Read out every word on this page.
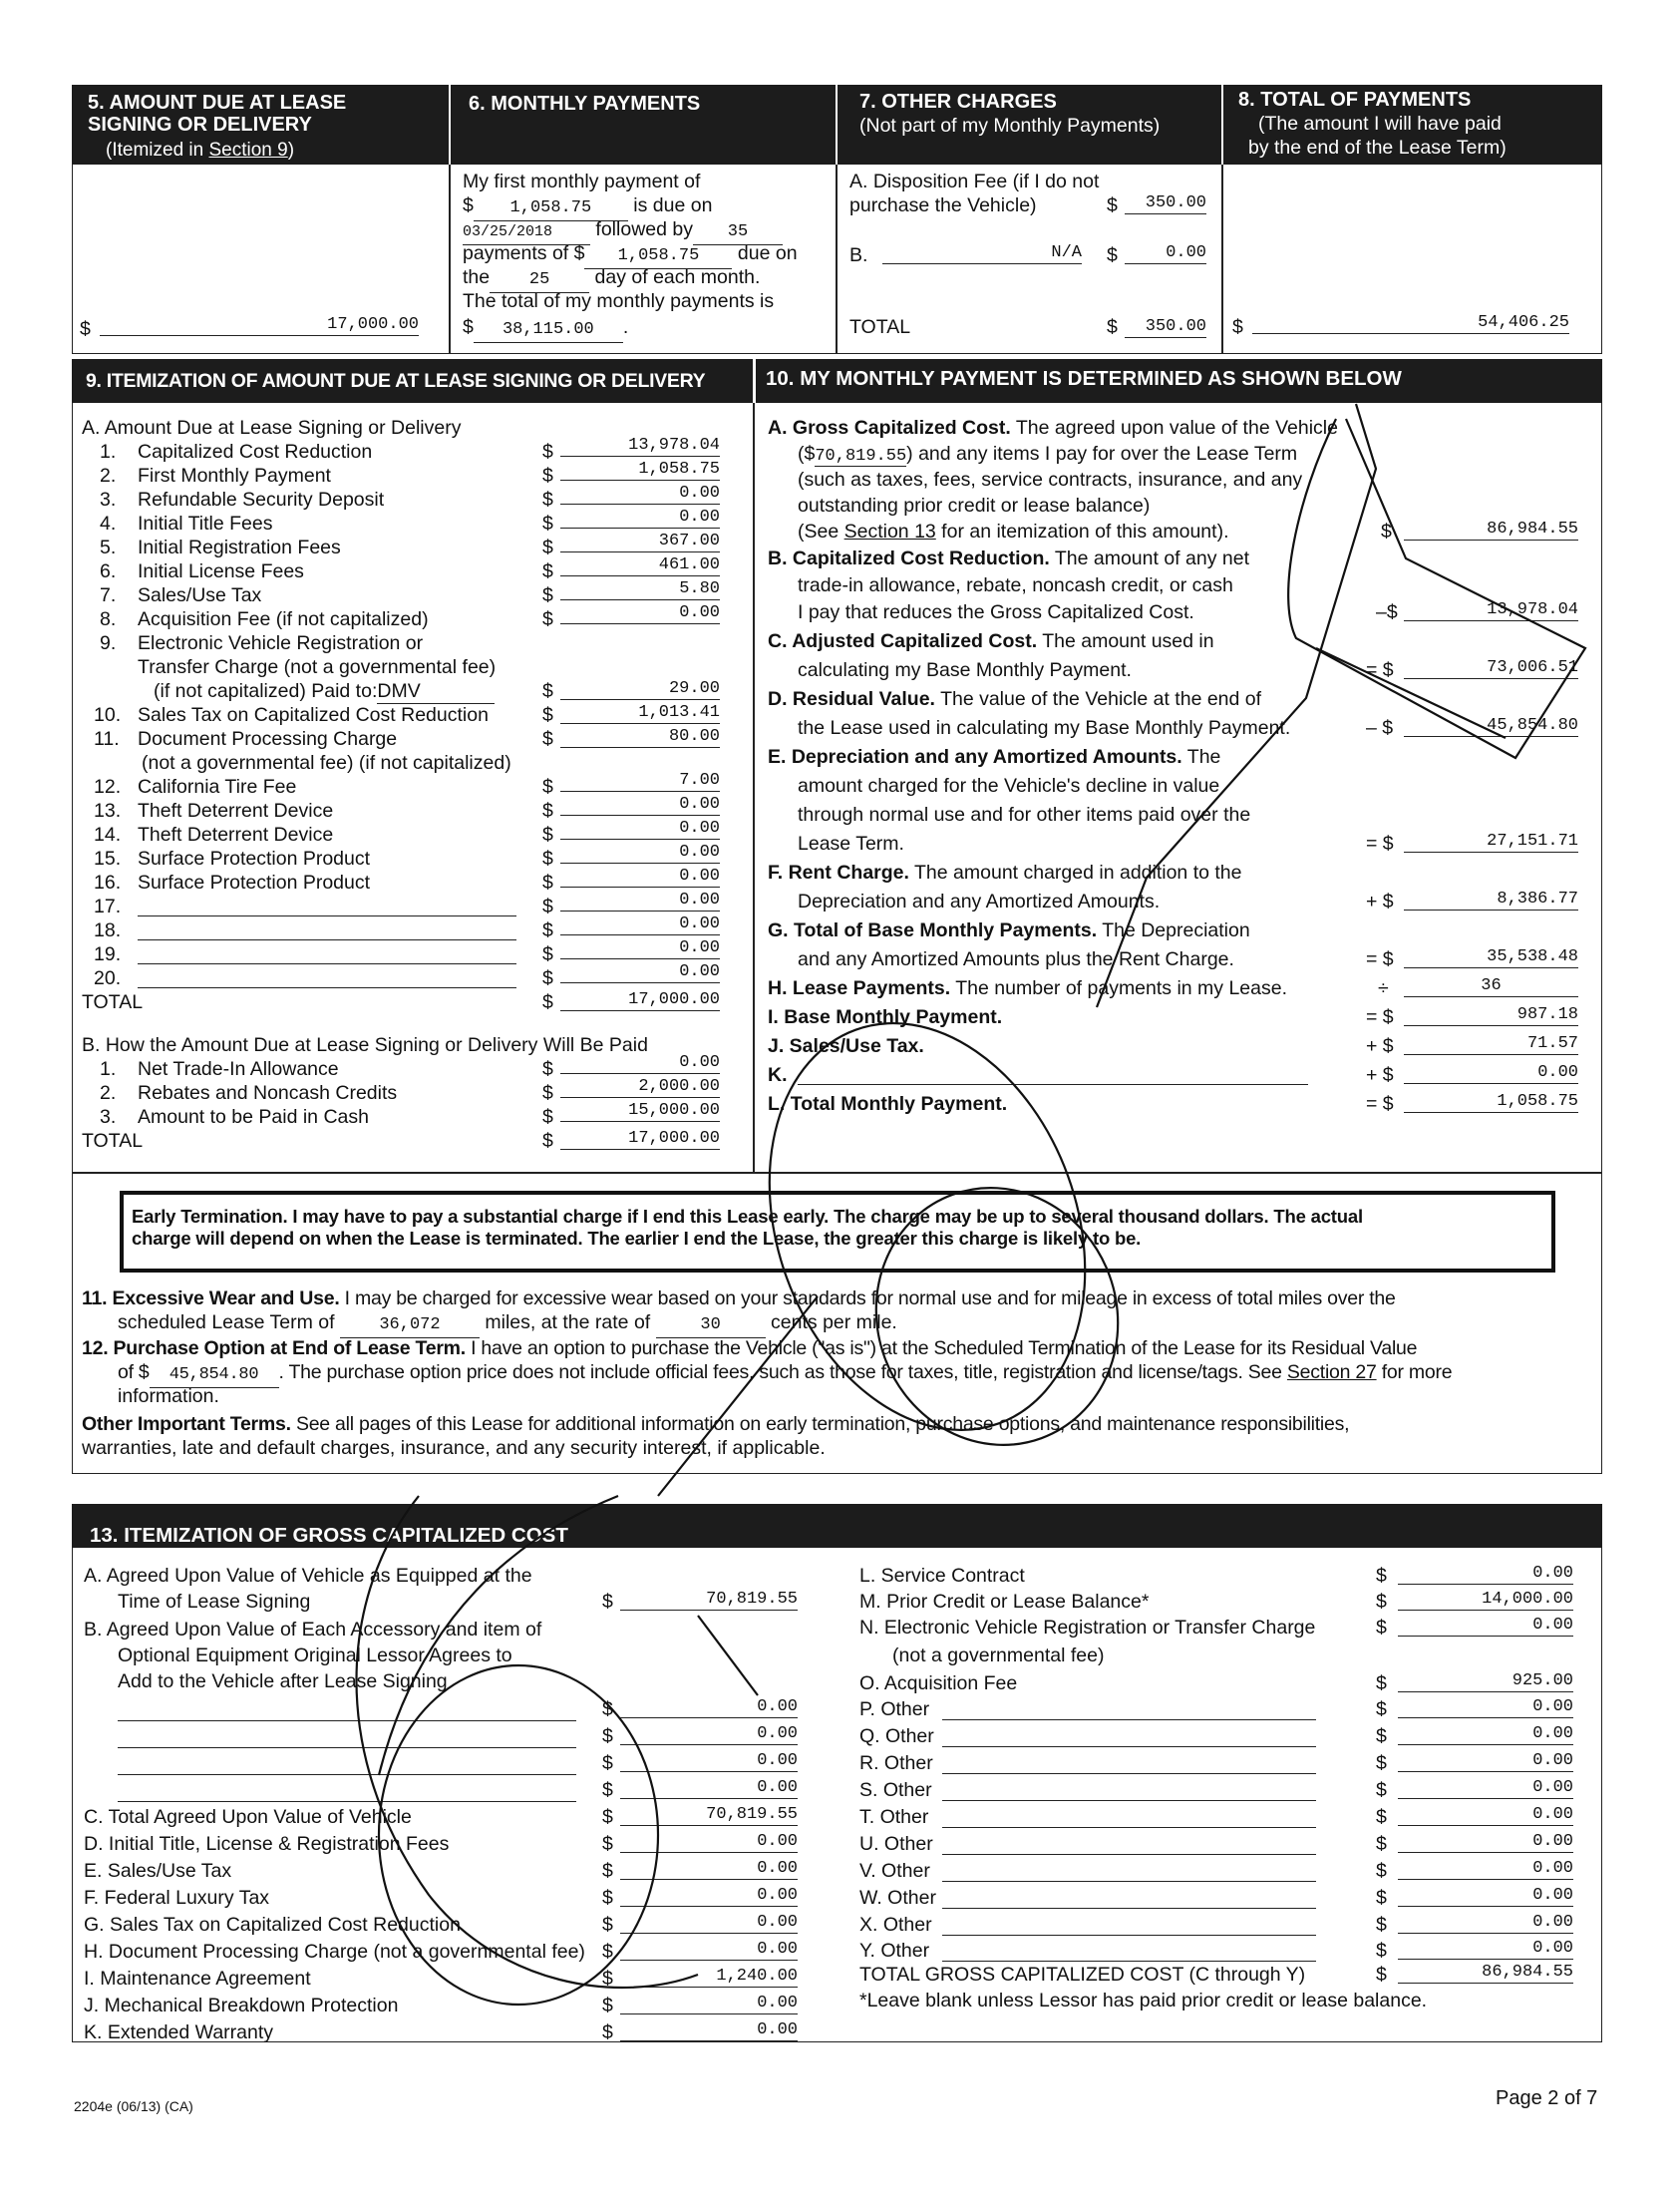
5. AMOUNT DUE AT LEASE
SIGNING OR DELIVERY
(Itemized in Section 9)
$	17,000.00
6. MONTHLY PAYMENTS
My first monthly payment of
$ 1,058.75 is due on
03/25/2018 followed by 35
payments of $ 1,058.75 due on
the 25 day of each month.
The total of my monthly payments is
$ 38,115.00 .
7. OTHER CHARGES
(Not part of my Monthly Payments)
A. Disposition Fee (if I do not
purchase the Vehicle)	$	350.00
B.	N/A $	0.00
TOTAL	$	350.00
8. TOTAL OF PAYMENTS
(The amount I will have paid
by the end of the Lease Term)
$	54,406.25
9. ITEMIZATION OF AMOUNT DUE AT LEASE SIGNING OR DELIVERY	10. MY MONTHLY PAYMENT IS DETERMINED AS SHOWN BELOW
A. Amount Due at Lease Signing or Delivery
1. Capitalized Cost Reduction	$	13,978.04
2. First Monthly Payment	$	1,058.75
3. Refundable Security Deposit	$	0.00
4. Initial Title Fees	$	0.00
5. Initial Registration Fees	$	367.00
6. Initial License Fees	$	461.00
7. Sales/Use Tax	$	5.80
8. Acquisition Fee (if not capitalized)	$	0.00
9. Electronic Vehicle Registration or
Transfer Charge (not a governmental fee)
(if not capitalized) Paid to:DMV	$	29.00
10. Sales Tax on Capitalized Cost Reduction	$	1,013.41
11. Document Processing Charge	$	80.00
(not a governmental fee) (if not capitalized)
12. California Tire Fee	$	7.00
13. Theft Deterrent Device	$	0.00
14. Theft Deterrent Device	$	0.00
15. Surface Protection Product	$	0.00
16. Surface Protection Product	$	0.00
17.	$	0.00
18.	$	0.00
19.	$	0.00
20.	$	0.00
TOTAL	$	17,000.00
B. How the Amount Due at Lease Signing or Delivery Will Be Paid
1. Net Trade-In Allowance	$	0.00
2. Rebates and Noncash Credits	$	2,000.00
3. Amount to be Paid in Cash	$	15,000.00
TOTAL	$	17,000.00
A. Gross Capitalized Cost. The agreed upon value of the Vehicle
($70,819.55) and any items I pay for over the Lease Term
(such as taxes, fees, service contracts, insurance, and any
outstanding prior credit or lease balance)
(See Section 13 for an itemization of this amount).	$	86,984.55
B. Capitalized Cost Reduction. The amount of any net
trade-in allowance, rebate, noncash credit, or cash
I pay that reduces the Gross Capitalized Cost.	–$	13,978.04
C. Adjusted Capitalized Cost. The amount used in
calculating my Base Monthly Payment.	= $	73,006.51
D. Residual Value. The value of the Vehicle at the end of
the Lease used in calculating my Base Monthly Payment.	– $	45,854.80
E. Depreciation and any Amortized Amounts. The
amount charged for the Vehicle's decline in value
through normal use and for other items paid over the
Lease Term.	= $	27,151.71
F. Rent Charge. The amount charged in addition to the
Depreciation and any Amortized Amounts.	+ $	8,386.77
G. Total of Base Monthly Payments. The Depreciation
and any Amortized Amounts plus the Rent Charge.	= $	35,538.48
H. Lease Payments. The number of payments in my Lease.	÷	36
I. Base Monthly Payment.	= $	987.18
J. Sales/Use Tax.	+ $	71.57
K.	+ $	0.00
L. Total Monthly Payment.	= $	1,058.75
Early Termination. I may have to pay a substantial charge if I end this Lease early. The charge may be up to several thousand dollars. The actual
charge will depend on when the Lease is terminated. The earlier I end the Lease, the greater this charge is likely to be.
11. Excessive Wear and Use. I may be charged for excessive wear based on your standards for normal use and for mileage in excess of total miles over the
scheduled Lease Term of	36,072 miles, at the rate of	30	cents per mile.
12. Purchase Option at End of Lease Term. I have an option to purchase the Vehicle ("as is") at the Scheduled Termination of the Lease for its Residual Value
of $ 45,854.80 . The purchase option price does not include official fees, such as those for taxes, title, registration and license/tags. See Section 27 for more
information.
Other Important Terms. See all pages of this Lease for additional information on early termination, purchase options, and maintenance responsibilities,
warranties, late and default charges, insurance, and any security interest, if applicable.
13. ITEMIZATION OF GROSS CAPITALIZED COST
A. Agreed Upon Value of Vehicle as Equipped at the
Time of Lease Signing	$	70,819.55
B. Agreed Upon Value of Each Accessory and item of
Optional Equipment Original Lessor Agrees to
Add to the Vehicle after Lease Signing
$	0.00
$	0.00
$	0.00
$	0.00
C. Total Agreed Upon Value of Vehicle	$	70,819.55
D. Initial Title, License & Registration Fees	$	0.00
E. Sales/Use Tax	$	0.00
F. Federal Luxury Tax	$	0.00
G. Sales Tax on Capitalized Cost Reduction	$	0.00
H. Document Processing Charge (not a governmental fee) $	0.00
I. Maintenance Agreement	$	1,240.00
J. Mechanical Breakdown Protection	$	0.00
K. Extended Warranty	$	0.00
L. Service Contract	$	0.00
M. Prior Credit or Lease Balance*	$	14,000.00
N. Electronic Vehicle Registration or Transfer Charge	$	0.00
O. Acquisition Fee	$	925.00
P. Other	$	0.00
Q. Other	$	0.00
R. Other	$	0.00
S. Other	$	0.00
T. Other	$	0.00
U. Other	$	0.00
V. Other	$	0.00
W. Other	$	0.00
X. Other	$	0.00
Y. Other	$	0.00
(not a governmental fee)
TOTAL GROSS CAPITALIZED COST (C through Y)	$	86,984.55
*Leave blank unless Lessor has paid prior credit or lease balance.
2204e (06/13) (CA)	Page 2 of 7
